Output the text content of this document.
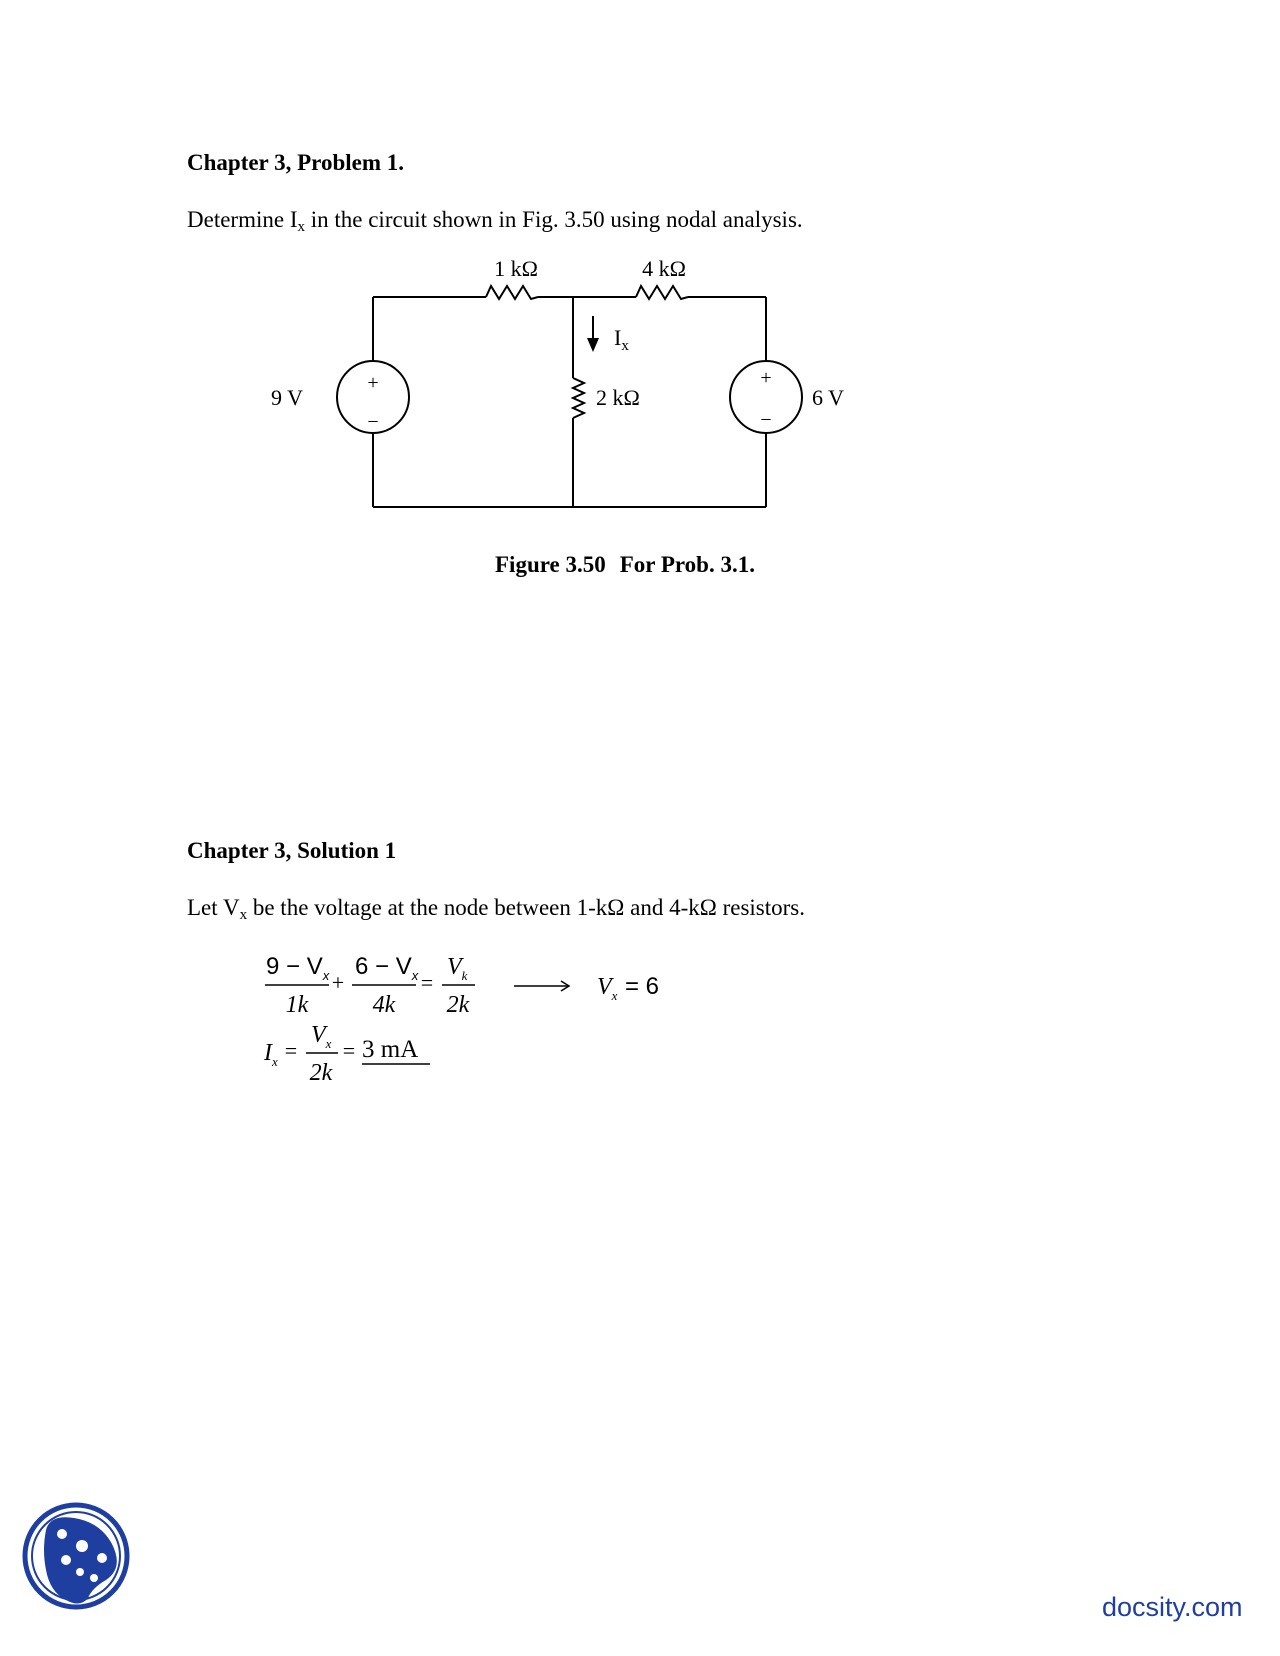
Chapter 3, Problem 1.
Determine $I_x$ in the circuit shown in Fig. 3.50 using nodal analysis.
1 kΩ	4 kΩ
2 kΩ
$I_x$
9 V	6 V
+
−
+
−
Figure 3.50 For Prob. 3.1.
Chapter 3, Solution 1
Let $V_x$ be the voltage at the node between 1-kΩ and 4-kΩ resistors.
$9 - V_x$
1k
+
$6 - V_x$
4k
=
$V_k$
2k
$V_x = 6$
$I_x$ =
$V_x$
2k
= 3 mA
docsity.com
